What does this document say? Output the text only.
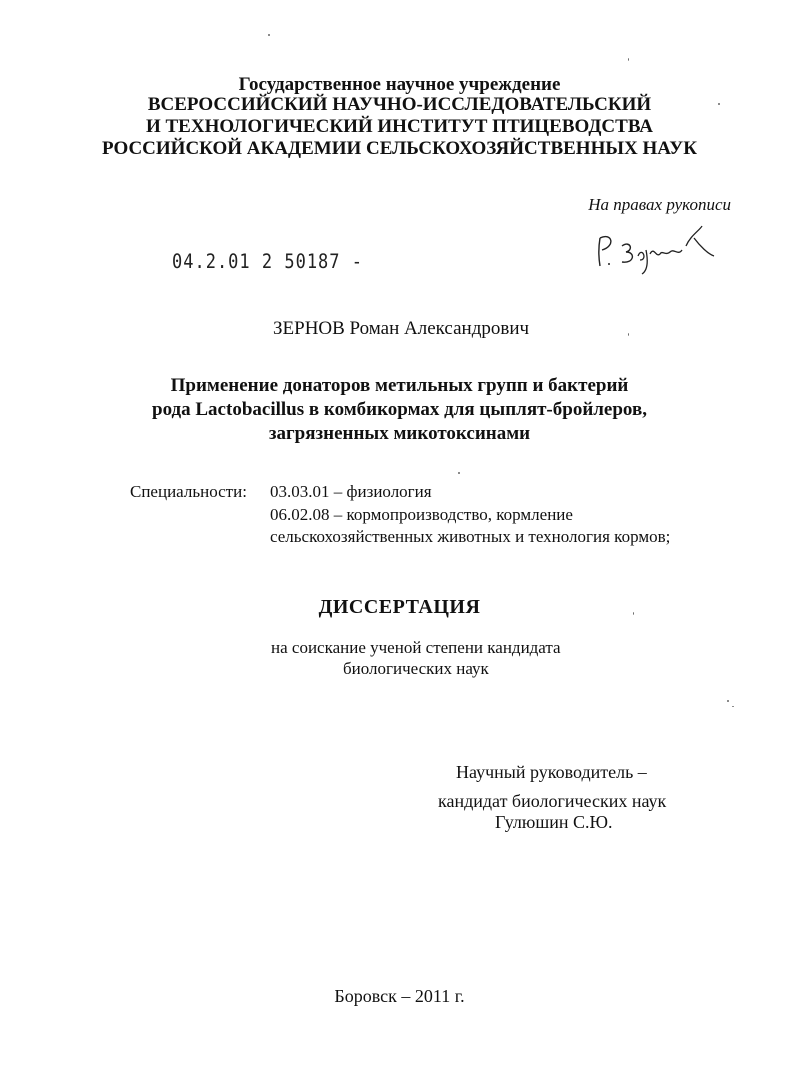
Государственное научное учреждение
ВСЕРОССИЙСКИЙ НАУЧНО-ИССЛЕДОВАТЕЛЬСКИЙ
И ТЕХНОЛОГИЧЕСКИЙ ИНСТИТУТ ПТИЦЕВОДСТВА
РОССИЙСКОЙ АКАДЕМИИ СЕЛЬСКОХОЗЯЙСТВЕННЫХ НАУК
На правах рукописи
04.2.01 2 50187 -
ЗЕРНОВ Роман Александрович
Применение донаторов метильных групп и бактерий
рода Lactobacillus в комбикормах для цыплят-бройлеров,
загрязненных микотоксинами
Специальности: 03.03.01 – физиология
06.02.08 – кормопроизводство, кормление
сельскохозяйственных животных и технология кормов;
ДИССЕРТАЦИЯ
на соискание ученой степени кандидата
биологических наук
Научный руководитель –
кандидат биологических наук
Гулюшин С.Ю.
Боровск – 2011 г.
